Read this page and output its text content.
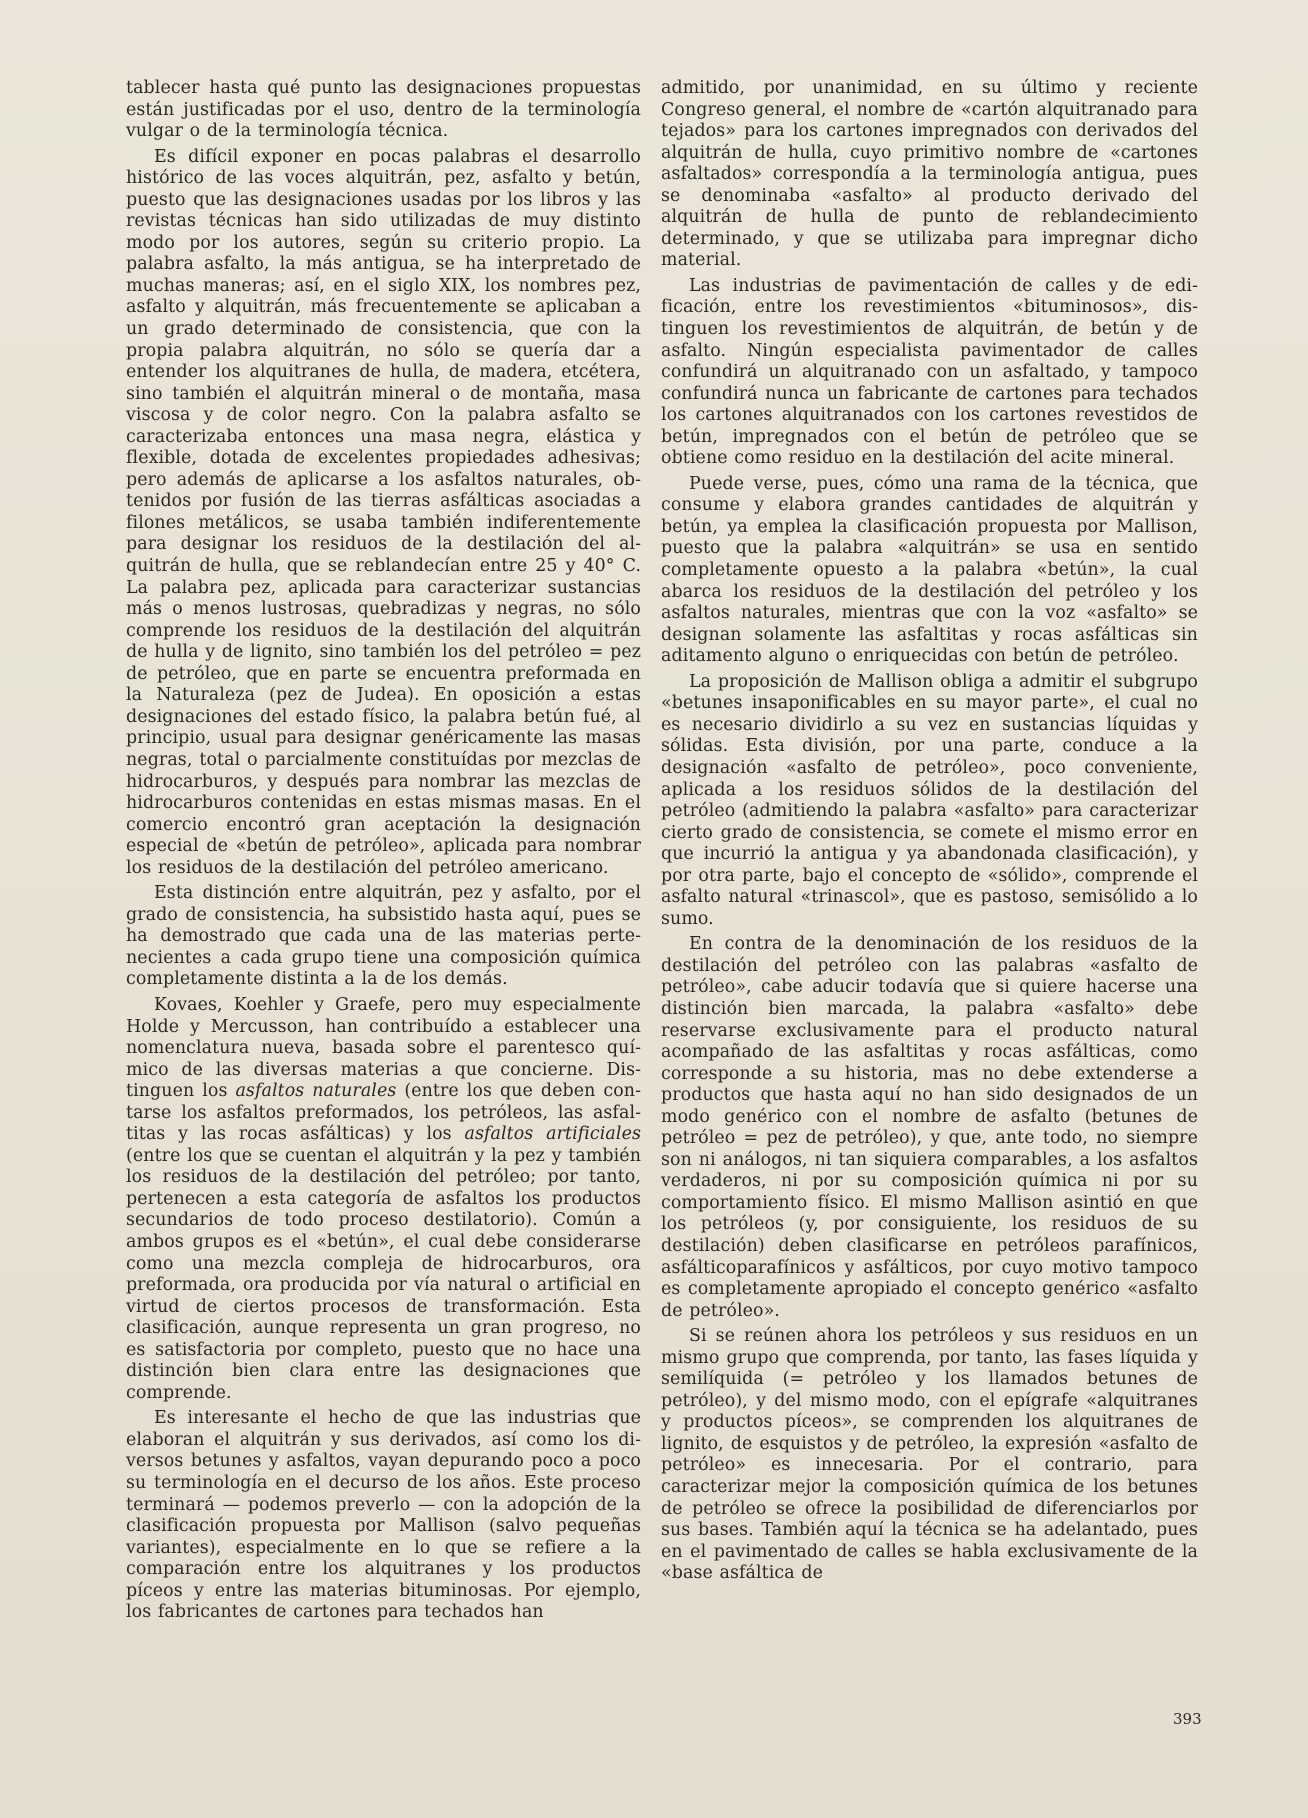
tablecer hasta qué punto las designaciones propuestas están justificadas por el uso, dentro de la terminología vulgar o de la terminología técnica.

Es difícil exponer en pocas palabras el desarrollo histórico de las voces alquitrán, pez, asfalto y betún, puesto que las designaciones usadas por los libros y las revistas técnicas han sido utilizadas de muy distinto modo por los autores, según su criterio propio. La palabra asfalto, la más antigua, se ha interpretado de muchas maneras; así, en el siglo XIX, los nombres pez, asfalto y alquitrán, más frecuentemente se aplicaban a un grado determinado de consistencia, que con la propia palabra alquitrán, no sólo se quería dar a entender los alquitranes de hulla, de madera, etcétera, sino también el alquitrán mineral o de montaña, masa viscosa y de color negro. Con la palabra asfalto se caracterizaba entonces una masa negra, elástica y flexible, dotada de excelentes propiedades adhesivas; pero además de aplicarse a los asfaltos naturales, obtenidos por fusión de las tierras asfálticas asociadas a filones metálicos, se usaba también indiferentemente para designar los residuos de la destilación del alquitrán de hulla, que se reblandecían entre 25 y 40° C. La palabra pez, aplicada para caracterizar sustancias más o menos lustrosas, quebradizas y negras, no sólo comprende los residuos de la destilación del alquitrán de hulla y de lignito, sino también los del petróleo = pez de petróleo, que en parte se encuentra preformada en la Naturaleza (pez de Judea). En oposición a estas designaciones del estado físico, la palabra betún fué, al principio, usual para designar genéricamente las masas negras, total o parcialmente constituídas por mezclas de hidrocarburos, y después para nombrar las mezclas de hidrocarburos contenidas en estas mismas masas. En el comercio encontró gran aceptación la designación especial de «betún de petróleo», aplicada para nombrar los residuos de la destilación del petróleo americano.

Esta distinción entre alquitrán, pez y asfalto, por el grado de consistencia, ha subsistido hasta aquí, pues se ha demostrado que cada una de las materias pertenecientes a cada grupo tiene una composición química completamente distinta a la de los demás.

Kovaes, Koehler y Graefe, pero muy especialmente Holde y Mercusson, han contribuído a establecer una nomenclatura nueva, basada sobre el parentesco químico de las diversas materias a que concierne. Distinguen los asfaltos naturales (entre los que deben contarse los asfaltos preformados, los petróleos, las asfaltitas y las rocas asfálticas) y los asfaltos artificiales (entre los que se cuentan el alquitrán y la pez y también los residuos de la destilación del petróleo; por tanto, pertenecen a esta categoría de asfaltos los productos secundarios de todo proceso destilatorio). Común a ambos grupos es el «betún», el cual debe considerarse como una mezcla compleja de hidrocarburos, ora preformada, ora producida por vía natural o artificial en virtud de ciertos procesos de transformación. Esta clasificación, aunque representa un gran progreso, no es satisfactoria por completo, puesto que no hace una distinción bien clara entre las designaciones que comprende.

Es interesante el hecho de que las industrias que elaboran el alquitrán y sus derivados, así como los diversos betunes y asfaltos, vayan depurando poco a poco su terminología en el decurso de los años. Este proceso terminará — podemos preverlo — con la adopción de la clasificación propuesta por Mallison (salvo pequeñas variantes), especialmente en lo que se refiere a la comparación entre los alquitranes y los productos píceos y entre las materias bituminosas. Por ejemplo, los fabricantes de cartones para techados han

admitido, por unanimidad, en su último y reciente Congreso general, el nombre de «cartón alquitranado para tejados» para los cartones impregnados con derivados del alquitrán de hulla, cuyo primitivo nombre de «cartones asfaltados» correspondía a la terminología antigua, pues se denominaba «asfalto» al producto derivado del alquitrán de hulla de punto de reblandecimiento determinado, y que se utilizaba para impregnar dicho material.

Las industrias de pavimentación de calles y de edificación, entre los revestimientos «bituminosos», distinguen los revestimientos de alquitrán, de betún y de asfalto. Ningún especialista pavimentador de calles confundirá un alquitranado con un asfaltado, y tampoco confundirá nunca un fabricante de cartones para techados los cartones alquitranados con los cartones revestidos de betún, impregnados con el betún de petróleo que se obtiene como residuo en la destilación del acite mineral.

Puede verse, pues, cómo una rama de la técnica, que consume y elabora grandes cantidades de alquitrán y betún, ya emplea la clasificación propuesta por Mallison, puesto que la palabra «alquitrán» se usa en sentido completamente opuesto a la palabra «betún», la cual abarca los residuos de la destilación del petróleo y los asfaltos naturales, mientras que con la voz «asfalto» se designan solamente las asfaltitas y rocas asfálticas sin aditamento alguno o enriquecidas con betún de petróleo.

La proposición de Mallison obliga a admitir el subgrupo «betunes insaponificables en su mayor parte», el cual no es necesario dividirlo a su vez en sustancias líquidas y sólidas. Esta división, por una parte, conduce a la designación «asfalto de petróleo», poco conveniente, aplicada a los residuos sólidos de la destilación del petróleo (admitiendo la palabra «asfalto» para caracterizar cierto grado de consistencia, se comete el mismo error en que incurrió la antigua y ya abandonada clasificación), y por otra parte, bajo el concepto de «sólido», comprende el asfalto natural «trinascol», que es pastoso, semisólido a lo sumo.

En contra de la denominación de los residuos de la destilación del petróleo con las palabras «asfalto de petróleo», cabe aducir todavía que si quiere hacerse una distinción bien marcada, la palabra «asfalto» debe reservarse exclusivamente para el producto natural acompañado de las asfaltitas y rocas asfálticas, como corresponde a su historia, mas no debe extenderse a productos que hasta aquí no han sido designados de un modo genérico con el nombre de asfalto (betunes de petróleo = pez de petróleo), y que, ante todo, no siempre son ni análogos, ni tan siquiera comparables, a los asfaltos verdaderos, ni por su composición química ni por su comportamiento físico. El mismo Mallison asintió en que los petróleos (y, por consiguiente, los residuos de su destilación) deben clasificarse en petróleos parafínicos, asfálticoparafínicos y asfálticos, por cuyo motivo tampoco es completamente apropiado el concepto genérico «asfalto de petróleo».

Si se reúnen ahora los petróleos y sus residuos en un mismo grupo que comprenda, por tanto, las fases líquida y semilíquida (= petróleo y los llamados betunes de petróleo), y del mismo modo, con el epígrafe «alquitranes y productos píceos», se comprenden los alquitranes de lignito, de esquistos y de petróleo, la expresión «asfalto de petróleo» es innecesaria. Por el contrario, para caracterizar mejor la composición química de los betunes de petróleo se ofrece la posibilidad de diferenciarlos por sus bases. También aquí la técnica se ha adelantado, pues en el pavimentado de calles se habla exclusivamente de la «base asfáltica de

393
